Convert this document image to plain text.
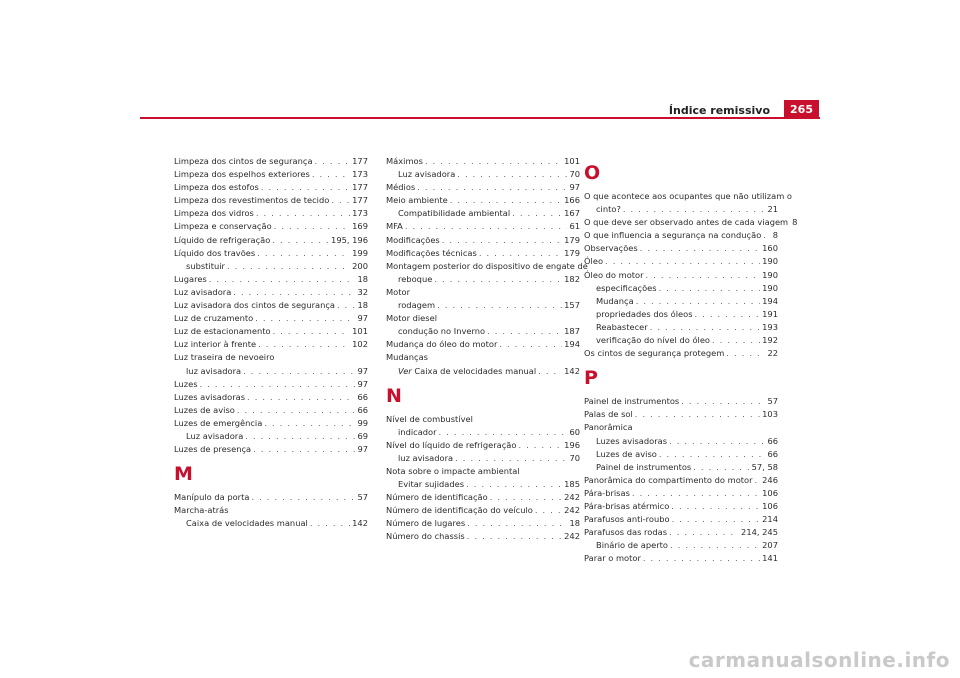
Índice remissivo	265
Limpeza dos cintos de segurança . . .	177
Limpeza dos espelhos exteriores . . .	173
Limpeza dos estofos . . .	177
Limpeza dos revestimentos de tecido . . .	177
Limpeza dos vidros . . .	173
Limpeza e conservação . . .	169
Líquido de refrigeração . . .	195, 196
Líquido dos travões . . .	199
substituir . . .	200
Lugares . . .	18
Luz avisadora . . .	32
Luz avisadora dos cintos de segurança . . .	18
Luz de cruzamento . . .	97
Luz de estacionamento . . .	101
Luz interior à frente . . .	102
Luz traseira de nevoeiro
luz avisadora . . .	97
Luzes . . .	97
Luzes avisadoras . . .	66
Luzes de aviso . . .	66
Luzes de emergência . . .	99
Luz avisadora . . .	69
Luzes de presença . . .	97
M
Manípulo da porta . . .	57
Marcha-atrás
Caixa de velocidades manual . . .	142
Máximos . . .	101
Luz avisadora . . .	70
Médios . . .	97
Meio ambiente . . .	166
Compatibilidade ambiental . . .	167
MFA . . .	61
Modificações . . .	179
Modificações técnicas . . .	179
Montagem posterior do dispositivo de engate de
reboque . . .	182
Motor
rodagem . . .	157
Motor diesel
condução no Inverno . . .	187
Mudança do óleo do motor . . .	194
Mudanças
Ver
Caixa de velocidades manual . . .	142
N
Nível de combustível
indicador . . .	60
Nível do líquido de refrigeração . . .	196
luz avisadora . . .	70
Nota sobre o impacte ambiental
Evitar sujidades . . .	185
Número de identificação . . .	242
Número de identificação do veículo . . .	242
Número de lugares . . .	18
Número do chassis . . .	242
O
O que acontece aos ocupantes que não utilizam o
cinto? . . .	21
O que deve ser observado antes de cada viagem 8
O que influencia a segurança na condução . . . 8
Observações . . .	160
Óleo . . .	190
Óleo do motor . . .	190
especificações . . .	190
Mudança . . .	194
propriedades dos óleos . . .	191
Reabastecer . . .	193
verificação do nível do óleo . . .	192
Os cintos de segurança protegem . . .	22
P
Painel de instrumentos . . .	57
Palas de sol . . .	103
Panorâmica
Luzes avisadoras . . .	66
Luzes de aviso . . .	66
Painel de instrumentos . . .	57, 58
Panorâmica do compartimento do motor . . . 246
Pára-brisas . . .	106
Pára-brisas atérmico . . .	106
Parafusos anti-roubo . . .	214
Parafusos das rodas . . .	214, 245
Binário de aperto . . .	207
Parar o motor . . .	141
carmanualsonline.info
